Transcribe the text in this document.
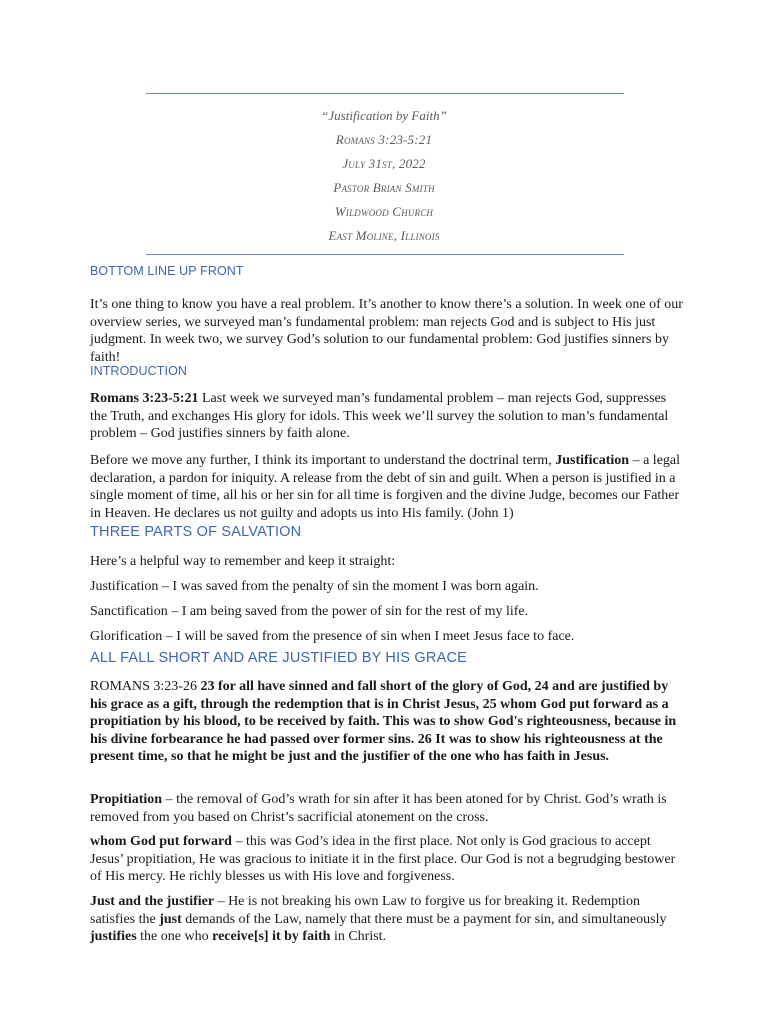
“Justification by Faith”
Romans 3:23-5:21
July 31st, 2022
Pastor Brian Smith
Wildwood Church
East Moline, Illinois
BOTTOM LINE UP FRONT
It’s one thing to know you have a real problem. It’s another to know there’s a solution. In week one of our overview series, we surveyed man’s fundamental problem: man rejects God and is subject to His just judgment. In week two, we survey God’s solution to our fundamental problem: God justifies sinners by faith!
INTRODUCTION
Romans 3:23-5:21 Last week we surveyed man’s fundamental problem – man rejects God, suppresses the Truth, and exchanges His glory for idols. This week we’ll survey the solution to man’s fundamental problem – God justifies sinners by faith alone.
Before we move any further, I think its important to understand the doctrinal term, Justification – a legal declaration, a pardon for iniquity. A release from the debt of sin and guilt. When a person is justified in a single moment of time, all his or her sin for all time is forgiven and the divine Judge, becomes our Father in Heaven. He declares us not guilty and adopts us into His family. (John 1)
THREE PARTS OF SALVATION
Here’s a helpful way to remember and keep it straight:
Justification – I was saved from the penalty of sin the moment I was born again.
Sanctification – I am being saved from the power of sin for the rest of my life.
Glorification – I will be saved from the presence of sin when I meet Jesus face to face.
ALL FALL SHORT AND ARE JUSTIFIED BY HIS GRACE
ROMANS 3:23-26 23 for all have sinned and fall short of the glory of God, 24 and are justified by his grace as a gift, through the redemption that is in Christ Jesus, 25 whom God put forward as a propitiation by his blood, to be received by faith. This was to show God's righteousness, because in his divine forbearance he had passed over former sins. 26 It was to show his righteousness at the present time, so that he might be just and the justifier of the one who has faith in Jesus.
Propitiation – the removal of God’s wrath for sin after it has been atoned for by Christ. God’s wrath is removed from you based on Christ’s sacrificial atonement on the cross.
whom God put forward – this was God’s idea in the first place. Not only is God gracious to accept Jesus’ propitiation, He was gracious to initiate it in the first place. Our God is not a begrudging bestower of His mercy. He richly blesses us with His love and forgiveness.
Just and the justifier – He is not breaking his own Law to forgive us for breaking it. Redemption satisfies the just demands of the Law, namely that there must be a payment for sin, and simultaneously justifies the one who receive[s] it by faith in Christ.
